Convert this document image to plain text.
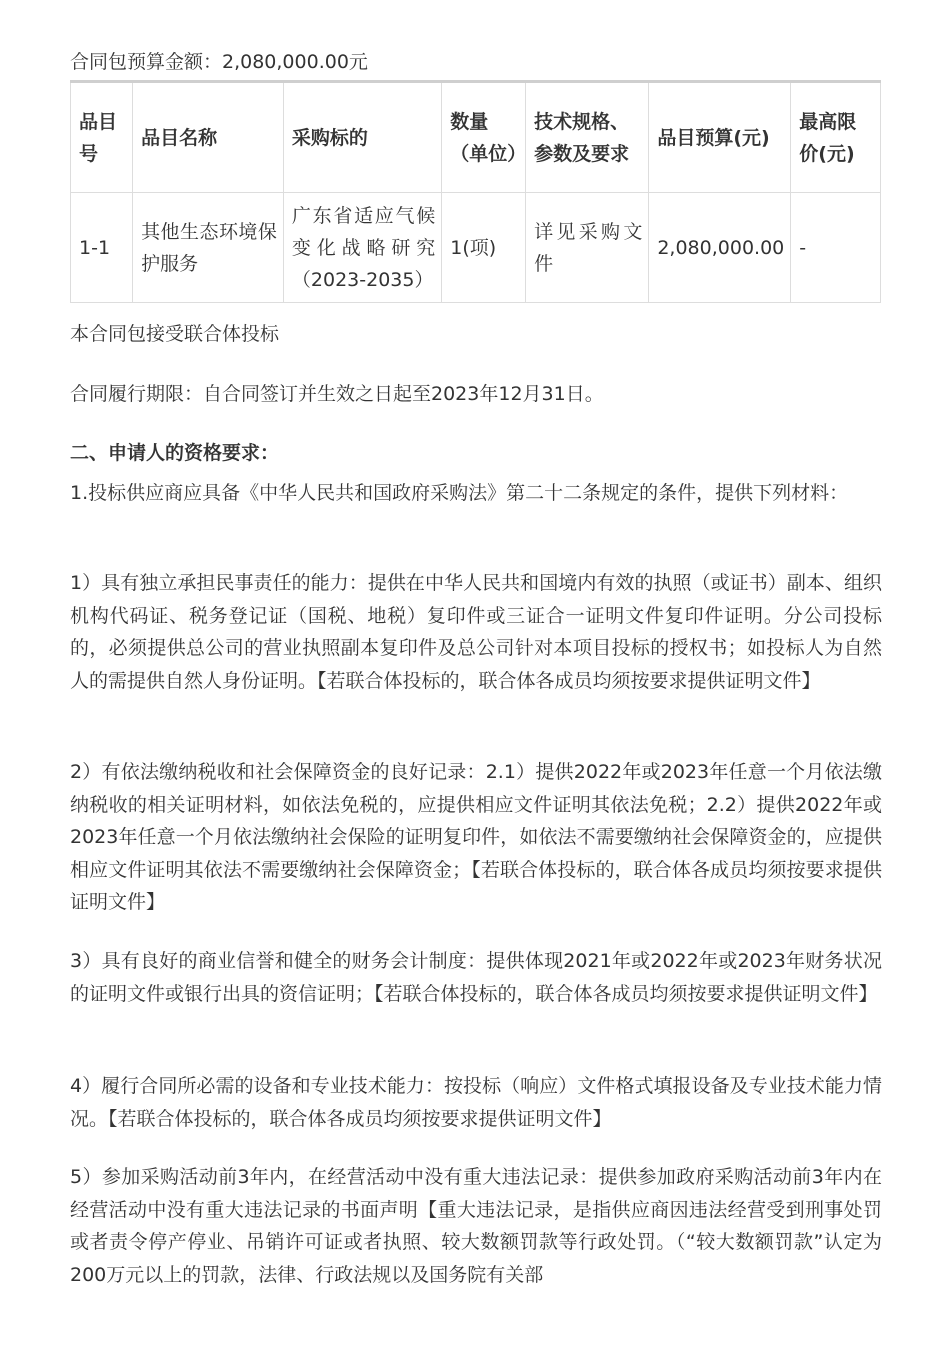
合同包预算金额：2,080,000.00元
品目号	品目名称	采购标的	数量（单位）	技术规格、参数及要求	品目预算(元)	最高限价(元)
1-1	其他生态环境保护服务	广东省适应气候变化战略研究（2023-2035）	1(项)	详见采购文件	2,080,000.00	-
本合同包接受联合体投标
合同履行期限：自合同签订并生效之日起至2023年12月31日。
二、申请人的资格要求：
1.投标供应商应具备《中华人民共和国政府采购法》第二十二条规定的条件，提供下列材料：
1）具有独立承担民事责任的能力：提供在中华人民共和国境内有效的执照（或证书）副本、组织机构代码证、税务登记证（国税、地税）复印件或三证合一证明文件复印件证明。分公司投标的，必须提供总公司的营业执照副本复印件及总公司针对本项目投标的授权书；如投标人为自然人的需提供自然人身份证明。【若联合体投标的，联合体各成员均须按要求提供证明文件】
2）有依法缴纳税收和社会保障资金的良好记录：2.1）提供2022年或2023年任意一个月依法缴纳税收的相关证明材料，如依法免税的，应提供相应文件证明其依法免税；2.2）提供2022年或2023年任意一个月依法缴纳社会保险的证明复印件，如依法不需要缴纳社会保障资金的，应提供相应文件证明其依法不需要缴纳社会保障资金；【若联合体投标的，联合体各成员均须按要求提供证明文件】
3）具有良好的商业信誉和健全的财务会计制度：提供体现2021年或2022年或2023年财务状况的证明文件或银行出具的资信证明；【若联合体投标的，联合体各成员均须按要求提供证明文件】
4）履行合同所必需的设备和专业技术能力：按投标（响应）文件格式填报设备及专业技术能力情况。【若联合体投标的，联合体各成员均须按要求提供证明文件】
5）参加采购活动前3年内，在经营活动中没有重大违法记录：提供参加政府采购活动前3年内在经营活动中没有重大违法记录的书面声明【重大违法记录，是指供应商因违法经营受到刑事处罚或者责令停产停业、吊销许可证或者执照、较大数额罚款等行政处罚。（“较大数额罚款”认定为200万元以上的罚款，法律、行政法规以及国务院有关部
